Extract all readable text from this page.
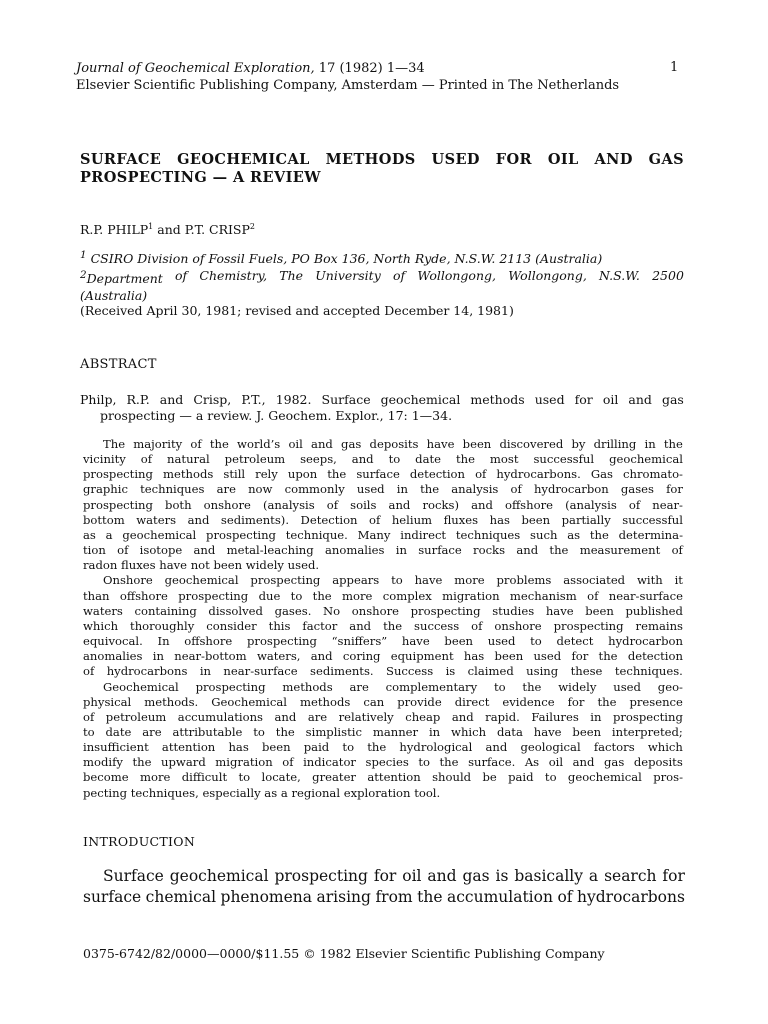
Journal of Geochemical Exploration, 17 (1982) 1—34
Elsevier Scientific Publishing Company, Amsterdam — Printed in The Netherlands
1
SURFACE GEOCHEMICAL METHODS USED FOR OIL AND GAS
PROSPECTING — A REVIEW
R.P. PHILP$^1$ and P.T. CRISP$^2$
$^1$ CSIRO Division of Fossil Fuels, PO Box 136, North Ryde, N.S.W. 2113 (Australia)
$^2$Department of Chemistry, The University of Wollongong, Wollongong, N.S.W. 2500
(Australia)
(Received April 30, 1981; revised and accepted December 14, 1981)
ABSTRACT
Philp, R.P. and Crisp, P.T., 1982. Surface geochemical methods used for oil and gas
prospecting — a review. J. Geochem. Explor., 17: 1—34.
The majority of the world’s oil and gas deposits have been discovered by drilling in the
vicinity of natural petroleum seeps, and to date the most successful geochemical
prospecting methods still rely upon the surface detection of hydrocarbons. Gas chromato-
graphic techniques are now commonly used in the analysis of hydrocarbon gases for
prospecting both onshore (analysis of soils and rocks) and offshore (analysis of near-
bottom waters and sediments). Detection of helium fluxes has been partially successful
as a geochemical prospecting technique. Many indirect techniques such as the determina-
tion of isotope and metal-leaching anomalies in surface rocks and the measurement of
radon fluxes have not been widely used.
Onshore geochemical prospecting appears to have more problems associated with it
than offshore prospecting due to the more complex migration mechanism of near-surface
waters containing dissolved gases. No onshore prospecting studies have been published
which thoroughly consider this factor and the success of onshore prospecting remains
equivocal. In offshore prospecting “sniffers” have been used to detect hydrocarbon
anomalies in near-bottom waters, and coring equipment has been used for the detection
of hydrocarbons in near-surface sediments. Success is claimed using these techniques.
Geochemical prospecting methods are complementary to the widely used geo-
physical methods. Geochemical methods can provide direct evidence for the presence
of petroleum accumulations and are relatively cheap and rapid. Failures in prospecting
to date are attributable to the simplistic manner in which data have been interpreted;
insufficient attention has been paid to the hydrological and geological factors which
modify the upward migration of indicator species to the surface. As oil and gas deposits
become more difficult to locate, greater attention should be paid to geochemical pros-
pecting techniques, especially as a regional exploration tool.
INTRODUCTION
Surface geochemical prospecting for oil and gas is basically a search for
surface chemical phenomena arising from the accumulation of hydrocarbons
0375-6742/82/0000—0000/$11.55 © 1982 Elsevier Scientific Publishing Company
